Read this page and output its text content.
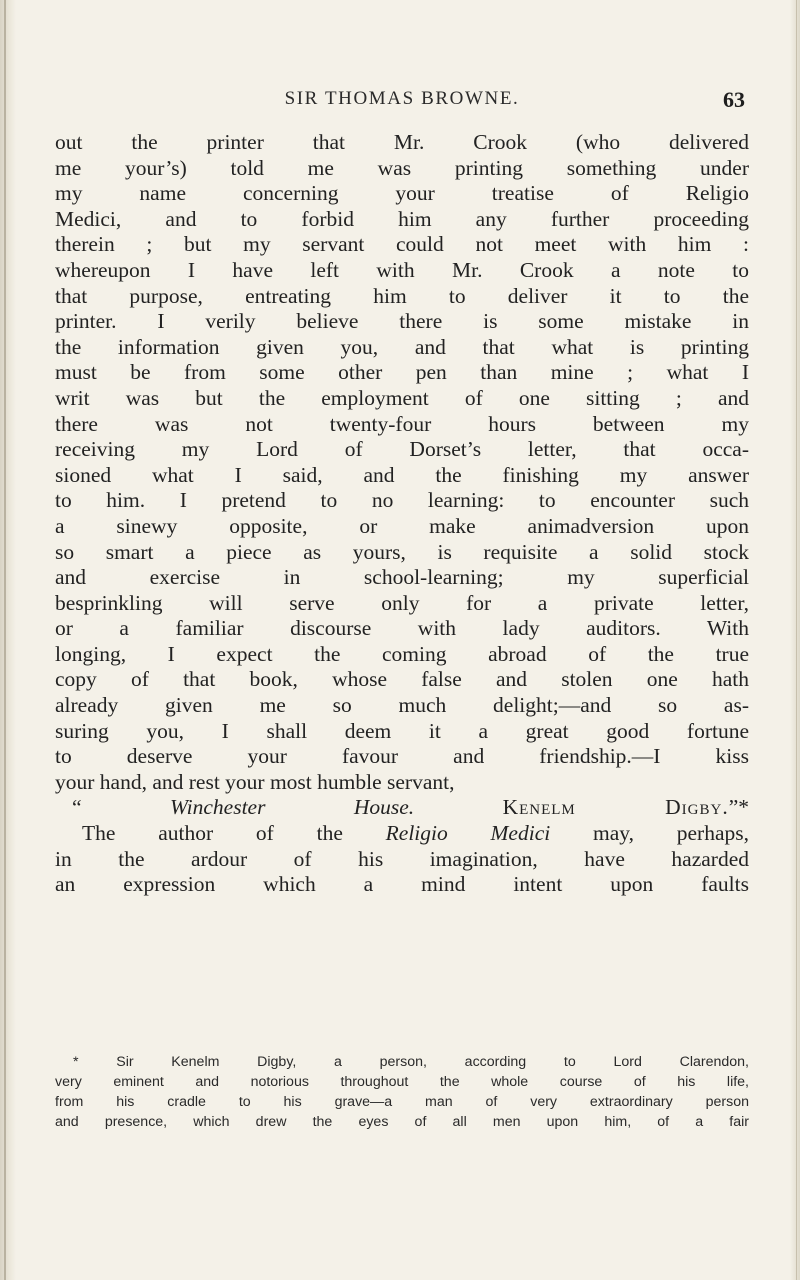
SIR THOMAS BROWNE.	63
out the printer that Mr. Crook (who delivered
me your’s) told me was printing something under
my name concerning your treatise of Religio
Medici, and to forbid him any further proceeding
therein ; but my servant could not meet with him :
whereupon I have left with Mr. Crook a note to
that purpose, entreating him to deliver it to the
printer. I verily believe there is some mistake in
the information given you, and that what is printing
must be from some other pen than mine ; what I
writ was but the employment of one sitting ; and
there was not twenty-four hours between my
receiving my Lord of Dorset’s letter, that occa-
sioned what I said, and the finishing my answer
to him. I pretend to no learning: to encounter such
a sinewy opposite, or make animadversion upon
so smart a piece as yours, is requisite a solid stock
and exercise in school-learning; my superficial
besprinkling will serve only for a private letter,
or a familiar discourse with lady auditors. With
longing, I expect the coming abroad of the true
copy of that book, whose false and stolen one hath
already given me so much delight;—and so as-
suring you, I shall deem it a great good fortune
to deserve your favour and friendship.—I kiss
your hand, and rest your most humble servant,
“	Winchester House.	Kenelm Digby.”*
The author of the Religio Medici may, perhaps,
in the ardour of his imagination, have hazarded
an expression which a mind intent upon faults
* Sir Kenelm Digby, a person, according to Lord Clarendon,
very eminent and notorious throughout the whole course of his life,
from his cradle to his grave—a man of very extraordinary person
and presence, which drew the eyes of all men upon him, of a fair
